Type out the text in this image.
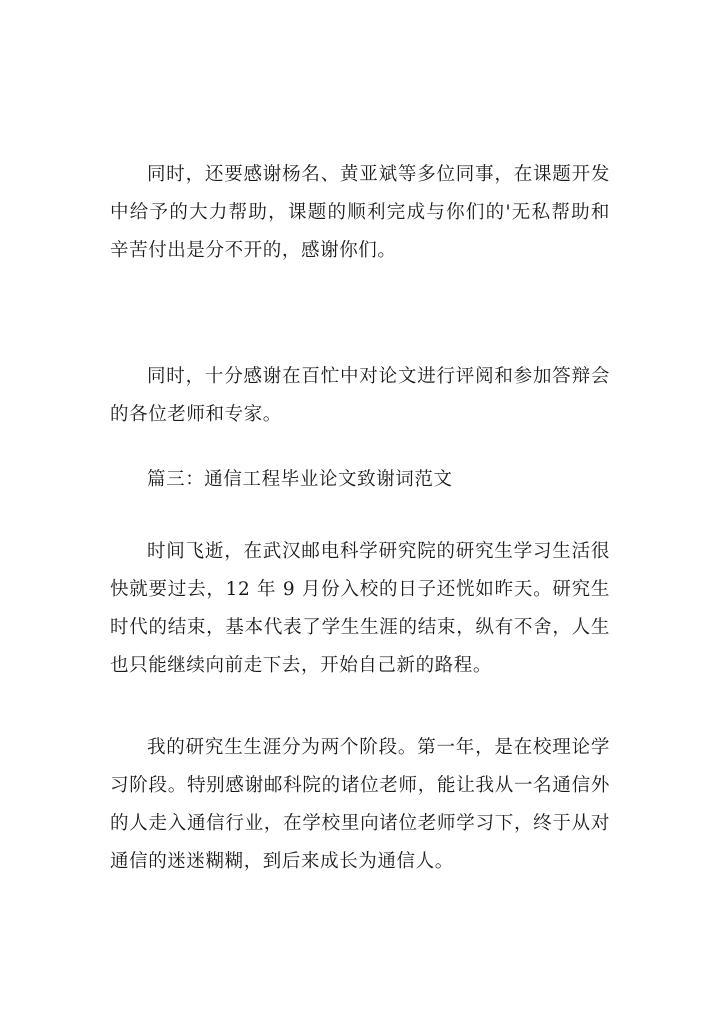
同时，还要感谢杨名、黄亚斌等多位同事，在课题开发中给予的大力帮助，课题的顺利完成与你们的'无私帮助和辛苦付出是分不开的，感谢你们。

同时，十分感谢在百忙中对论文进行评阅和参加答辩会的各位老师和专家。

篇三：通信工程毕业论文致谢词范文

时间飞逝，在武汉邮电科学研究院的研究生学习生活很快就要过去，12 年 9 月份入校的日子还恍如昨天。研究生时代的结束，基本代表了学生生涯的结束，纵有不舍，人生也只能继续向前走下去，开始自己新的路程。

我的研究生生涯分为两个阶段。第一年，是在校理论学习阶段。特别感谢邮科院的诸位老师，能让我从一名通信外的人走入通信行业，在学校里向诸位老师学习下，终于从对通信的迷迷糊糊，到后来成长为通信人。
